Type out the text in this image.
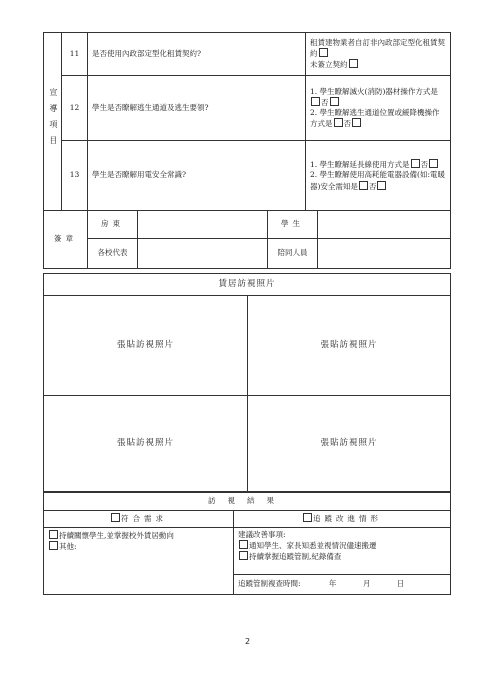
宣導項目	11	是否使用內政部定型化租賃契約?	租賃建物業者自訂非內政部定型化租賃契約
未簽立契約
	12	學生是否瞭解逃生通道及逃生要領?	1. 學生瞭解滅火(消防)器材操作方式是否
2. 學生瞭解逃生通道位置或緩降機操作方式是 否
	13	學生是否瞭解用電安全常識?	1. 學生瞭解延長線使用方式是 否
2. 學生瞭解使用高耗能電器設備(如:電暖器)安全需知是 否
簽章	房東		學生	
	各校代表		陪同人員	
賃居訪視照片	
張貼訪視照片	張貼訪視照片
張貼訪視照片	張貼訪視照片
訪視結果	
符合需求	追蹤改進情形
持續關懷學生,並掌握校外賃居動向
其他:	建議改善事項:
通知學生、家長知悉並視情況儘速搬遷
持續掌握追蹤管制,紀錄備查
	追蹤管制複查時間: 年 月 日
2
